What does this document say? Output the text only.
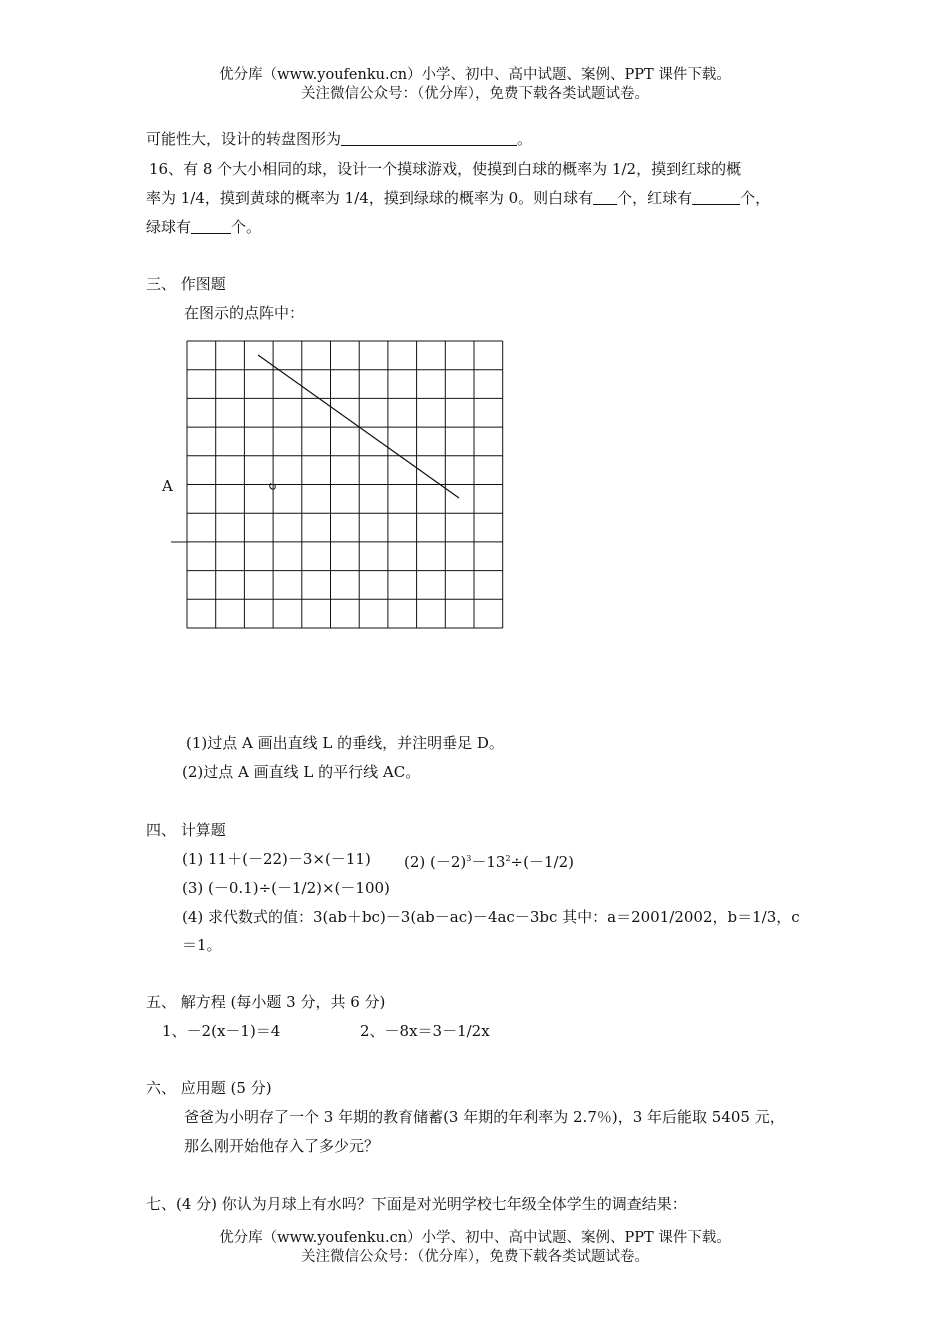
优分库（www.youfenku.cn）小学、初中、高中试题、案例、PPT 课件下载。
关注微信公众号：（优分库），免费下载各类试题试卷。
可能性大，设计的转盘图形为	。
16、有 8 个大小相同的球，设计一个摸球游戏，使摸到白球的概率为 1/2，摸到红球的概
率为 1/4，摸到黄球的概率为 1/4，摸到绿球的概率为 0。则白球有 个，红球有	个，
绿球有	个。
三、 作图题
在图示的点阵中：
A
(1)过点 A 画出直线 L 的垂线，并注明垂足 D。
(2)过点 A 画直线 L 的平行线 AC。
四、 计算题
(1) 11＋(－22)－3×(－11) (2) $(-2)^3-13^2\div(-1/2)$
(3) (－0.1)÷(－1/2)×(－100)
(4) 求代数式的值：3(ab＋bc)－3(ab－ac)－4ac－3bc 其中：a＝2001/2002，b＝1/3，c
＝1。
五、 解方程 (每小题 3 分，共 6 分)
1、－2(x－1)＝4	2、－8x＝3－1/2x
六、 应用题 (5 分)
爸爸为小明存了一个 3 年期的教育储蓄(3 年期的年利率为 2.7％)，3 年后能取 5405 元，
那么刚开始他存入了多少元？
七、(4 分) 你认为月球上有水吗？下面是对光明学校七年级全体学生的调查结果：
优分库（www.youfenku.cn）小学、初中、高中试题、案例、PPT 课件下载。
关注微信公众号：（优分库），免费下载各类试题试卷。
